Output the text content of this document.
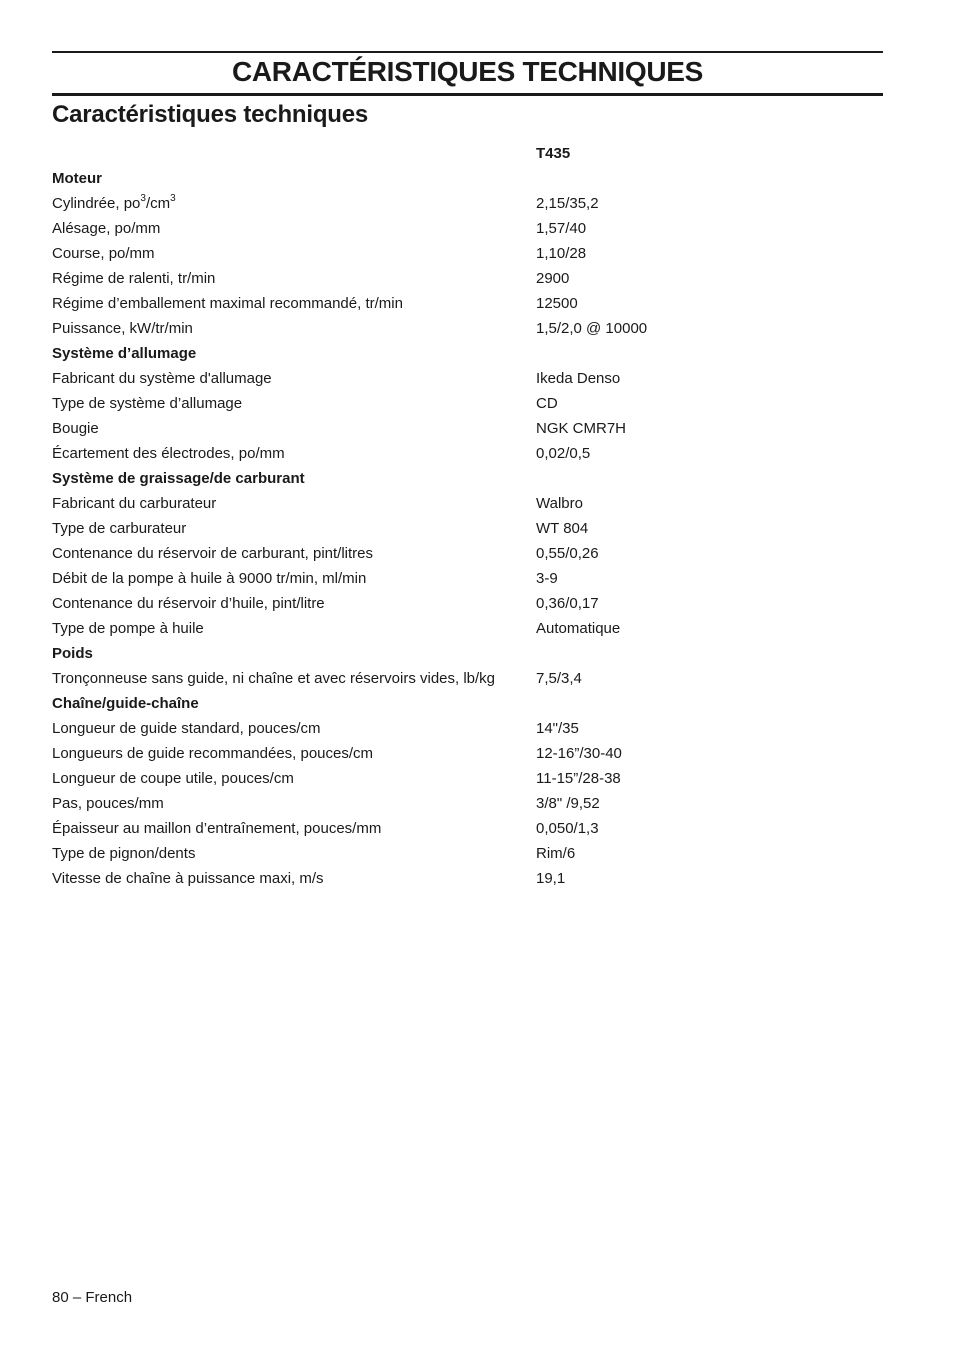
CARACTÉRISTIQUES TECHNIQUES
Caractéristiques techniques
T435
Moteur
Cylindrée, $po^3/cm^3$	2,15/35,2
Alésage, po/mm	1,57/40
Course, po/mm	1,10/28
Régime de ralenti, tr/min	2900
Régime d’emballement maximal recommandé, tr/min	12500
Puissance, kW/tr/min	1,5/2,0 @ 10000
Système d’allumage
Fabricant du système d'allumage	Ikeda Denso
Type de système d’allumage	CD
Bougie	NGK CMR7H
Écartement des électrodes, po/mm	0,02/0,5
Système de graissage/de carburant
Fabricant du carburateur	Walbro
Type de carburateur	WT 804
Contenance du réservoir de carburant, pint/litres	0,55/0,26
Débit de la pompe à huile à 9000 tr/min, ml/min	3-9
Contenance du réservoir d’huile, pint/litre	0,36/0,17
Type de pompe à huile	Automatique
Poids
Tronçonneuse sans guide, ni chaîne et avec réservoirs vides, lb/kg	7,5/3,4
Chaîne/guide-chaîne
Longueur de guide standard, pouces/cm	14"/35
Longueurs de guide recommandées, pouces/cm	12-16”/30-40
Longueur de coupe utile, pouces/cm	11-15”/28-38
Pas, pouces/mm	3/8" /9,52
Épaisseur au maillon d’entraînement, pouces/mm	0,050/1,3
Type de pignon/dents	Rim/6
Vitesse de chaîne à puissance maxi, m/s	19,1
80 – French
